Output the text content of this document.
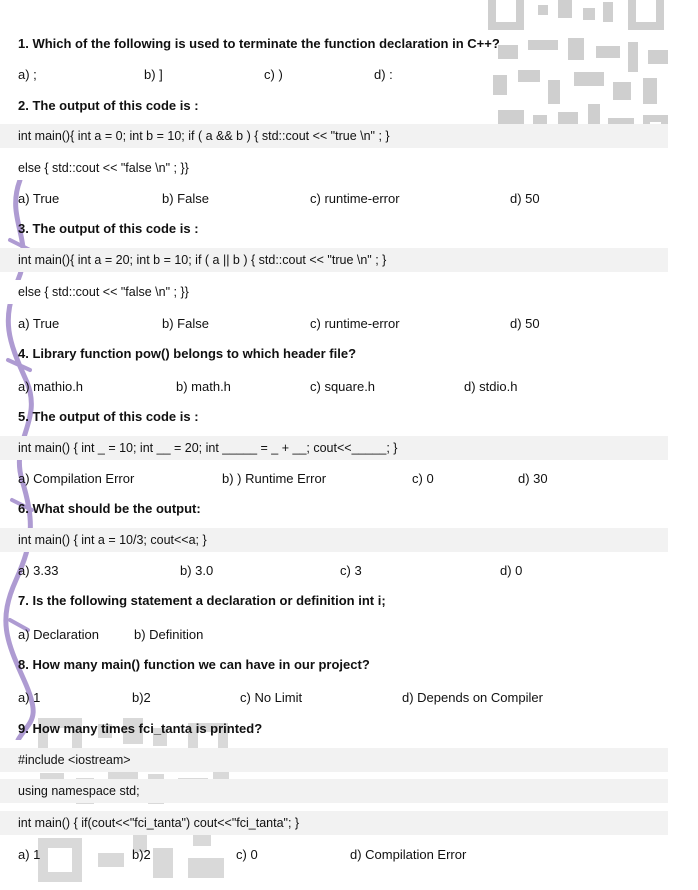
1. Which of the following is used to terminate the function declaration in C++?
a) ;	b) ]	c) )	d) :
2. The output of this code is :
int main(){ int a = 0; int b = 10; if ( a && b ) { std::cout << "true \n" ; }
else { std::cout << "false \n" ; }}
a) True	b) False	c) runtime-error	d) 50
3. The output of this code is :
int main(){ int a = 20; int b = 10; if ( a || b ) { std::cout << "true \n" ; }
else { std::cout << "false \n" ; }}
a) True	b) False	c) runtime-error	d) 50
4. Library function pow() belongs to which header file?
a) mathio.h	b) math.h	c) square.h	d) stdio.h
5. The output of this code is :
int main() { int _ = 10; int __ = 20; int _____ = _ + __; cout<<_____; }
a) Compilation Error	b) ) Runtime Error	c) 0	d) 30
6. What should be the output:
int main() { int a = 10/3; cout<<a; }
a) 3.33	b) 3.0	c) 3	d) 0
7. Is the following statement a declaration or definition int i;
a) Declaration	b) Definition
8. How many main() function we can have in our project?
a) 1	b)2	c) No Limit	d) Depends on Compiler
9. How many times fci_tanta is printed?
#include <iostream>
using namespace std;
int main() { if(cout<<"fci_tanta") cout<<"fci_tanta"; }
a) 1	b)2	c) 0	d) Compilation Error
